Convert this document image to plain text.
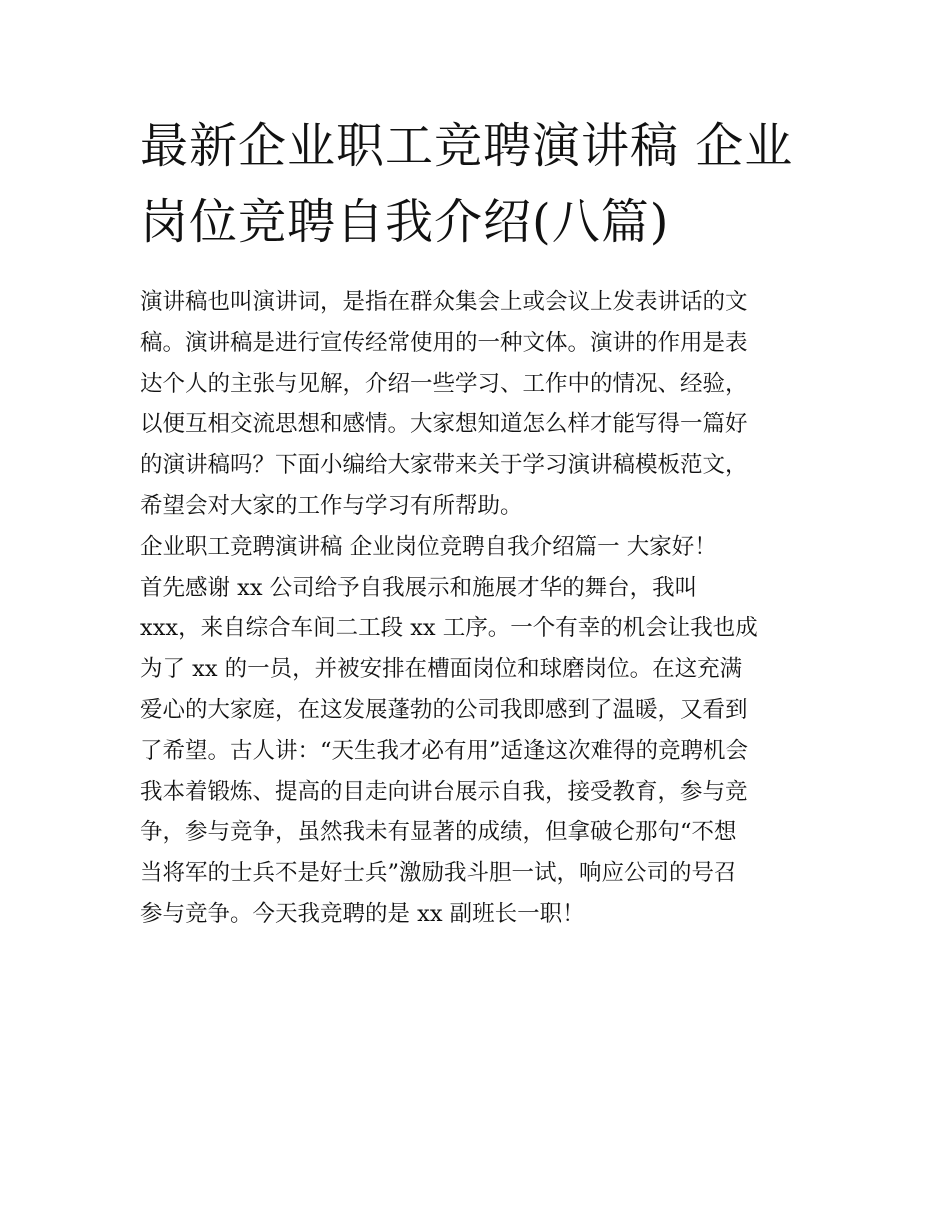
最新企业职工竞聘演讲稿 企业
岗位竞聘自我介绍(八篇)
演讲稿也叫演讲词，是指在群众集会上或会议上发表讲话的文
稿。演讲稿是进行宣传经常使用的一种文体。演讲的作用是表
达个人的主张与见解，介绍一些学习、工作中的情况、经验，
以便互相交流思想和感情。大家想知道怎么样才能写得一篇好
的演讲稿吗？下面小编给大家带来关于学习演讲稿模板范文，
希望会对大家的工作与学习有所帮助。
企业职工竞聘演讲稿 企业岗位竞聘自我介绍篇一 大家好！
首先感谢 xx 公司给予自我展示和施展才华的舞台，我叫
xxx，来自综合车间二工段 xx 工序。一个有幸的机会让我也成
为了 xx 的一员，并被安排在槽面岗位和球磨岗位。在这充满
爱心的大家庭，在这发展蓬勃的公司我即感到了温暖，又看到
了希望。古人讲：“天生我才必有用”适逢这次难得的竞聘机会
我本着锻炼、提高的目走向讲台展示自我，接受教育，参与竞
争，参与竞争，虽然我未有显著的成绩，但拿破仑那句“不想
当将军的士兵不是好士兵”激励我斗胆一试，响应公司的号召
参与竞争。今天我竞聘的是 xx 副班长一职！
